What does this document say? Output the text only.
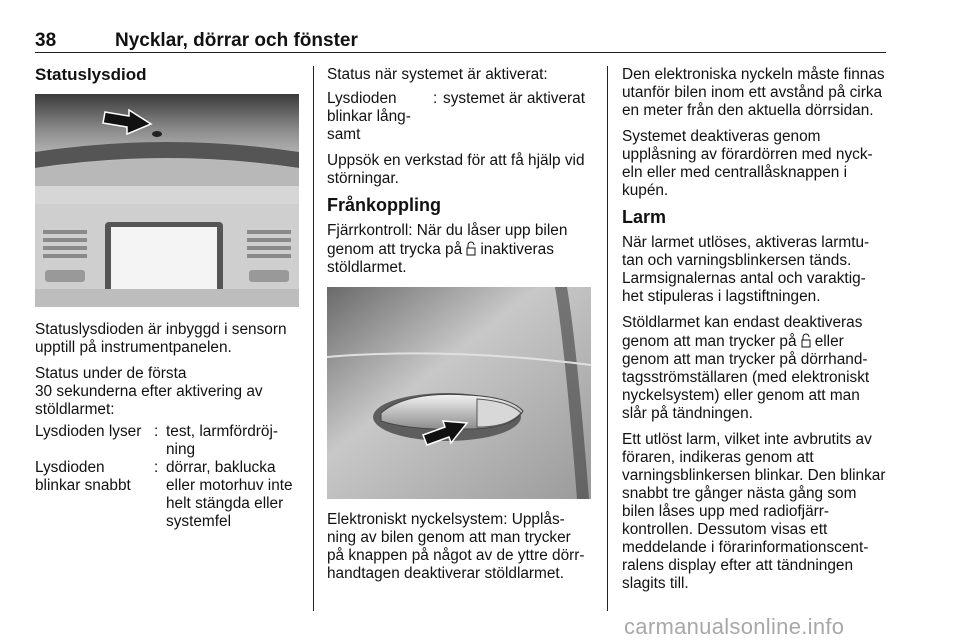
38	Nycklar, dörrar och fönster
Statuslysdiod

Statuslysdioden är inbyggd i sensorn upptill på instrumentpanelen.

Status under de första
30 sekunderna efter aktivering av stöldlarmet:

Lysdioden lyser : test, larmfördröj- ning
Lysdioden blinkar snabbt
: dörrar, baklucka eller motorhuv inte helt stängda eller systemfel

Status när systemet är aktiverat:

Lysdioden blinkar lång- samt
: systemet är aktiverat

Uppsök en verkstad för att få hjälp vid störningar.

Frånkoppling

Fjärrkontroll: När du låser upp bilen genom att trycka på inaktiveras stöldlarmet.

Elektroniskt nyckelsystem: Upplås- ning av bilen genom att man trycker på knappen på något av de yttre dörr- handtagen deaktiverar stöldlarmet.

Den elektroniska nyckeln måste finnas utanför bilen inom ett avstånd på cirka en meter från den aktuella dörrsidan.

Systemet deaktiveras genom upplåsning av förardörren med nyck- eln eller med centrallåsknappen i kupén.

Larm

När larmet utlöses, aktiveras larmtu- tan och varningsblinkersen tänds. Larmsignalernas antal och varaktig- het stipuleras i lagstiftningen.

Stöldlarmet kan endast deaktiveras genom att man trycker på eller genom att man trycker på dörrhand- tagsströmställaren (med elektroniskt nyckelsystem) eller genom att man slår på tändningen.

Ett utlöst larm, vilket inte avbrutits av föraren, indikeras genom att varningsblinkersen blinkar. Den blinkar snabbt tre gånger nästa gång som bilen låses upp med radiofjärr- kontrollen. Dessutom visas ett meddelande i förarinformationscent- ralens display efter att tändningen slagits till.

carmanualsonline.info
